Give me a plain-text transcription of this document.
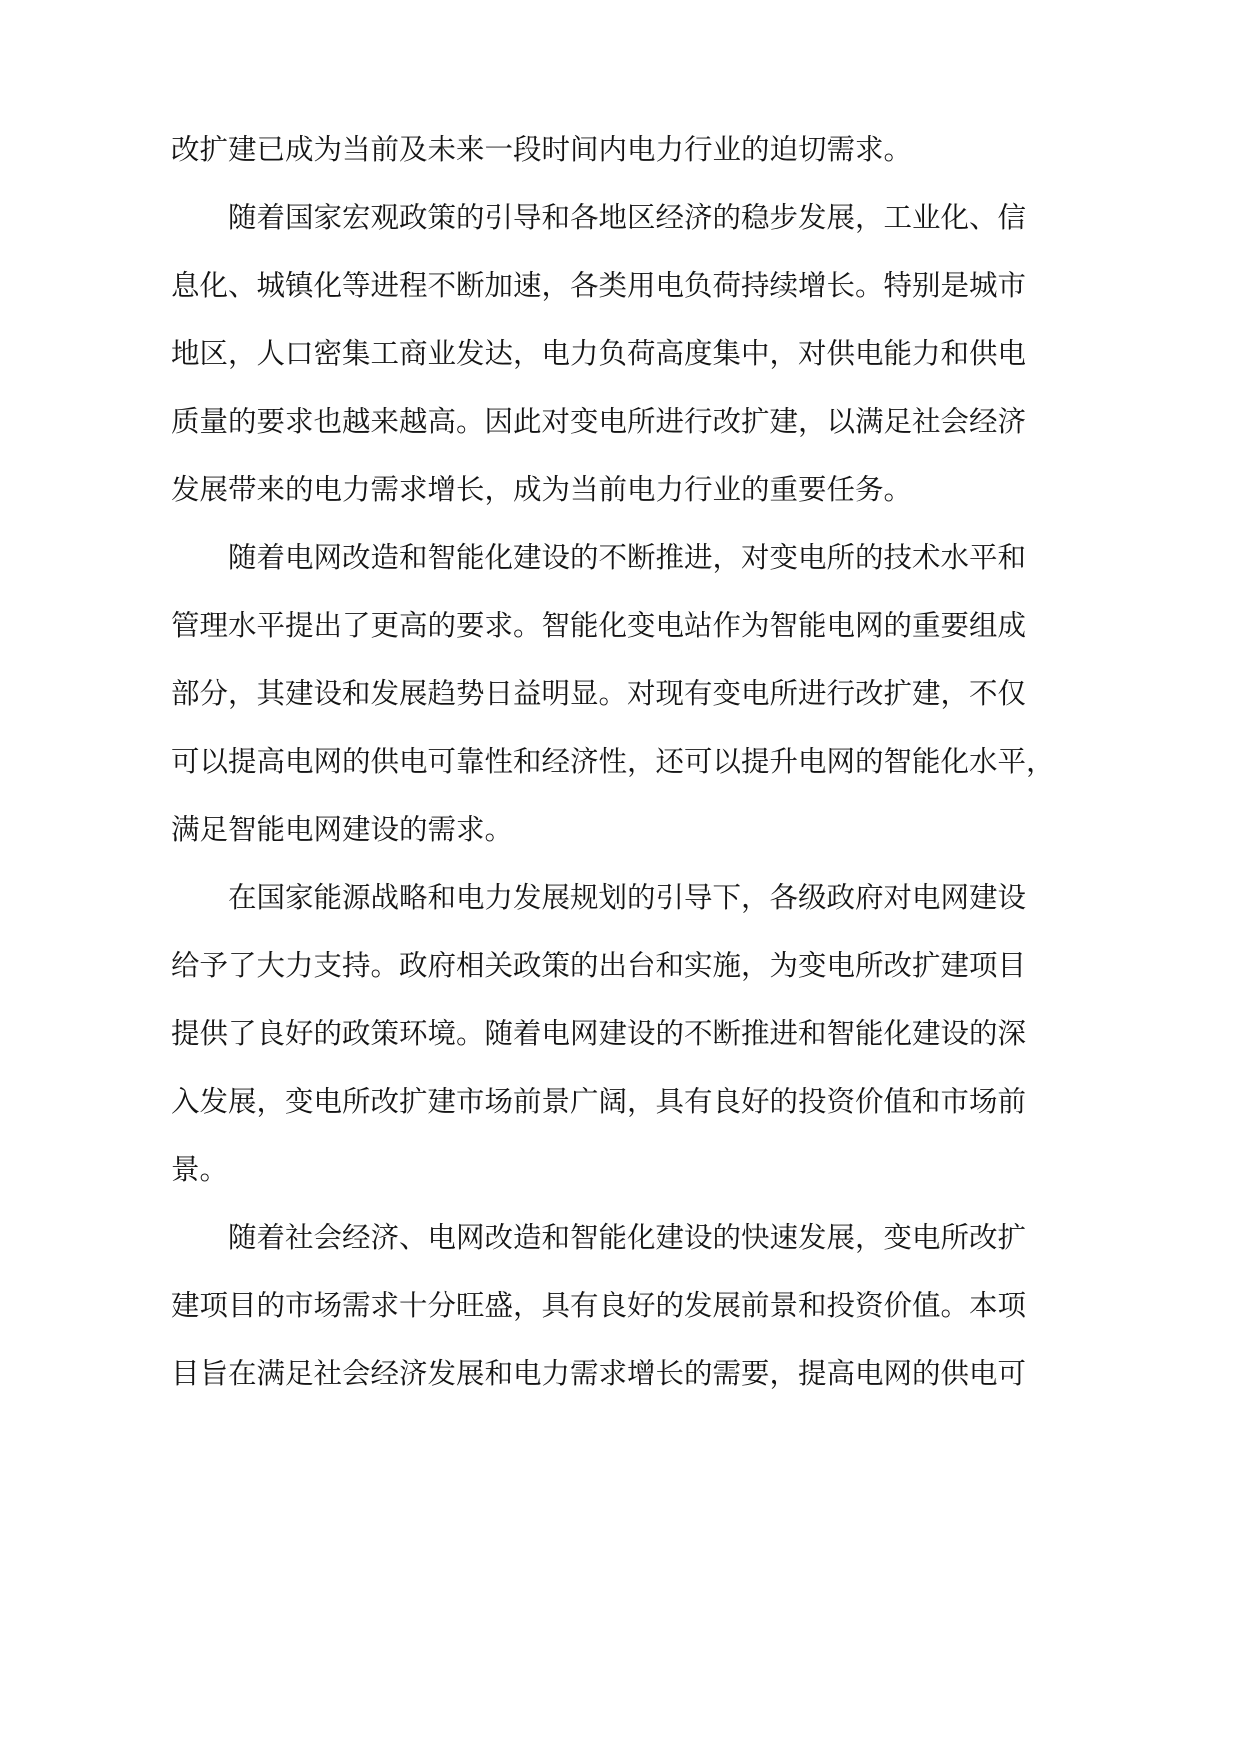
改扩建已成为当前及未来一段时间内电力行业的迫切需求。
随着国家宏观政策的引导和各地区经济的稳步发展，工业化、信
息化、城镇化等进程不断加速，各类用电负荷持续增长。特别是城市
地区，人口密集工商业发达，电力负荷高度集中，对供电能力和供电
质量的要求也越来越高。因此对变电所进行改扩建，以满足社会经济
发展带来的电力需求增长，成为当前电力行业的重要任务。
随着电网改造和智能化建设的不断推进，对变电所的技术水平和
管理水平提出了更高的要求。智能化变电站作为智能电网的重要组成
部分，其建设和发展趋势日益明显。对现有变电所进行改扩建，不仅
可以提高电网的供电可靠性和经济性，还可以提升电网的智能化水平，
满足智能电网建设的需求。
在国家能源战略和电力发展规划的引导下，各级政府对电网建设
给予了大力支持。政府相关政策的出台和实施，为变电所改扩建项目
提供了良好的政策环境。随着电网建设的不断推进和智能化建设的深
入发展，变电所改扩建市场前景广阔，具有良好的投资价值和市场前
景。
随着社会经济、电网改造和智能化建设的快速发展，变电所改扩
建项目的市场需求十分旺盛，具有良好的发展前景和投资价值。本项
目旨在满足社会经济发展和电力需求增长的需要，提高电网的供电可
